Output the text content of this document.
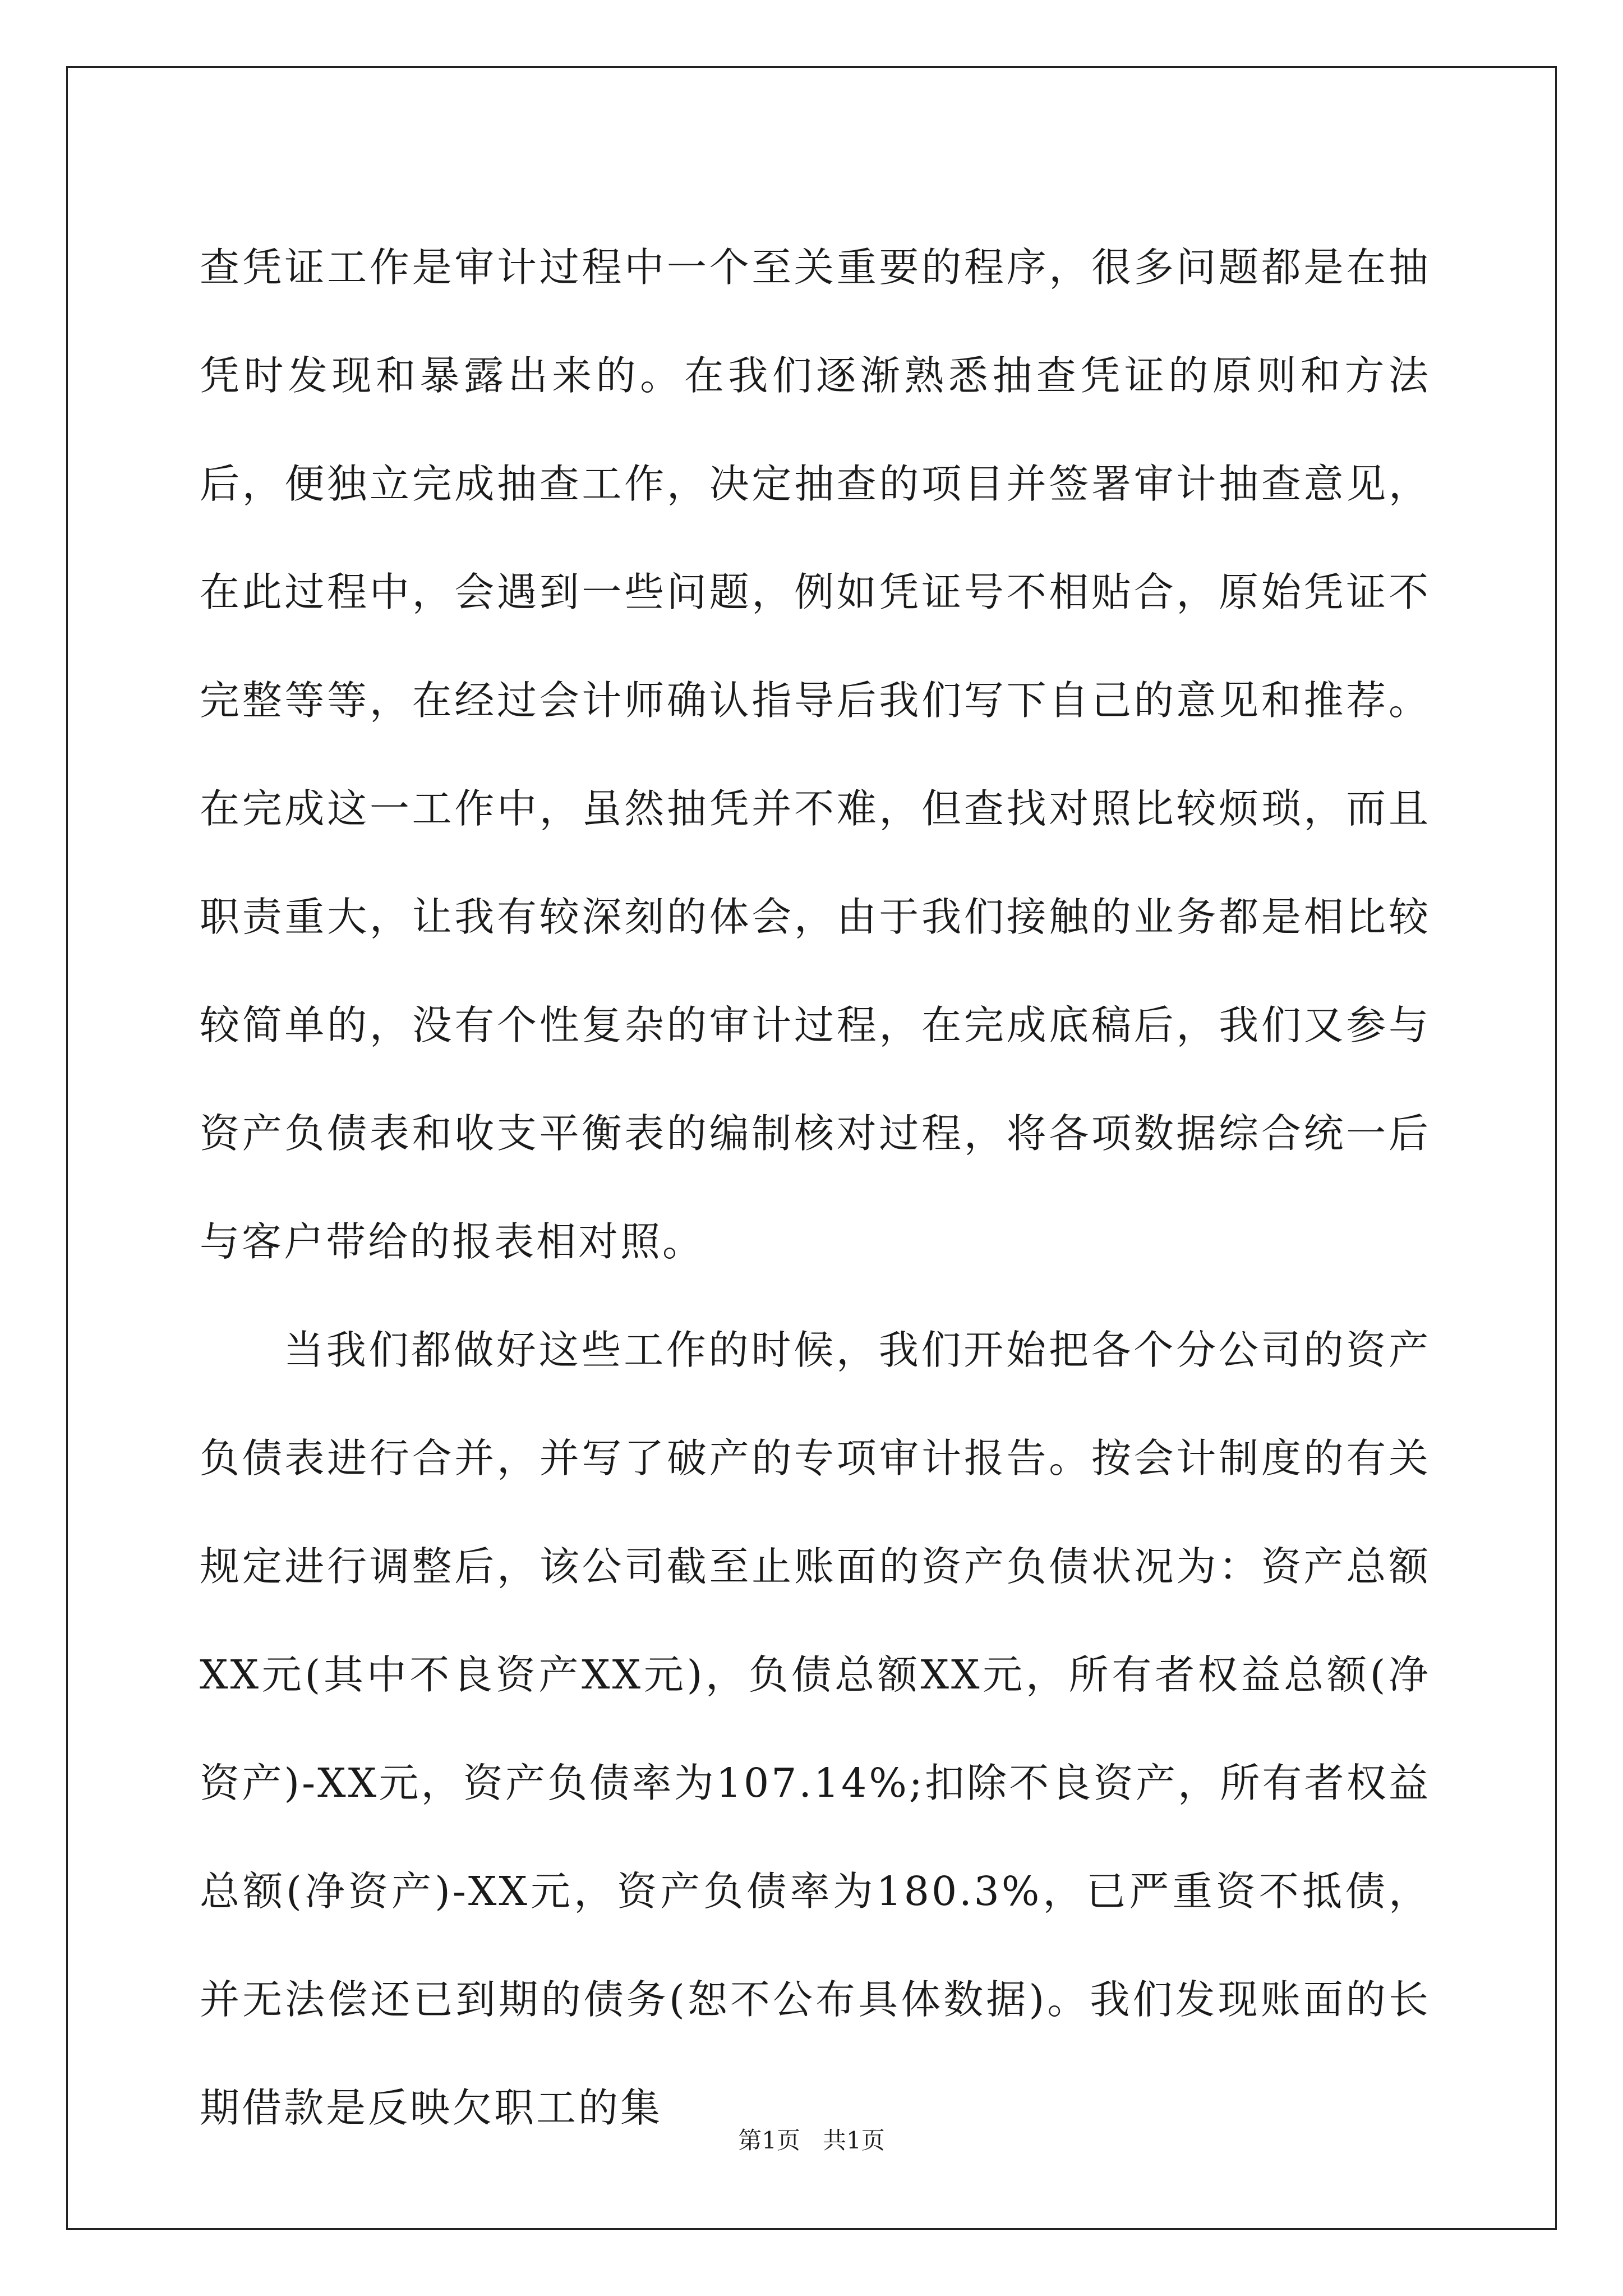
查凭证工作是审计过程中一个至关重要的程序，很多问题都是在抽凭时发现和暴露出来的。在我们逐渐熟悉抽查凭证的原则和方法后，便独立完成抽查工作，决定抽查的项目并签署审计抽查意见，在此过程中，会遇到一些问题，例如凭证号不相贴合，原始凭证不完整等等，在经过会计师确认指导后我们写下自己的意见和推荐。在完成这一工作中，虽然抽凭并不难，但查找对照比较烦琐，而且职责重大，让我有较深刻的体会，由于我们接触的业务都是相比较较简单的，没有个性复杂的审计过程，在完成底稿后，我们又参与资产负债表和收支平衡表的编制核对过程，将各项数据综合统一后与客户带给的报表相对照。

当我们都做好这些工作的时候，我们开始把各个分公司的资产负债表进行合并，并写了破产的专项审计报告。按会计制度的有关规定进行调整后，该公司截至止账面的资产负债状况为：资产总额XX元(其中不良资产XX元)，负债总额XX元，所有者权益总额(净资产)-XX元，资产负债率为107.14%;扣除不良资产，所有者权益总额(净资产)-XX元，资产负债率为180.3%，已严重资不抵债，并无法偿还已到期的债务(恕不公布具体数据)。我们发现账面的长期借款是反映欠职工的集

第1页   共1页
